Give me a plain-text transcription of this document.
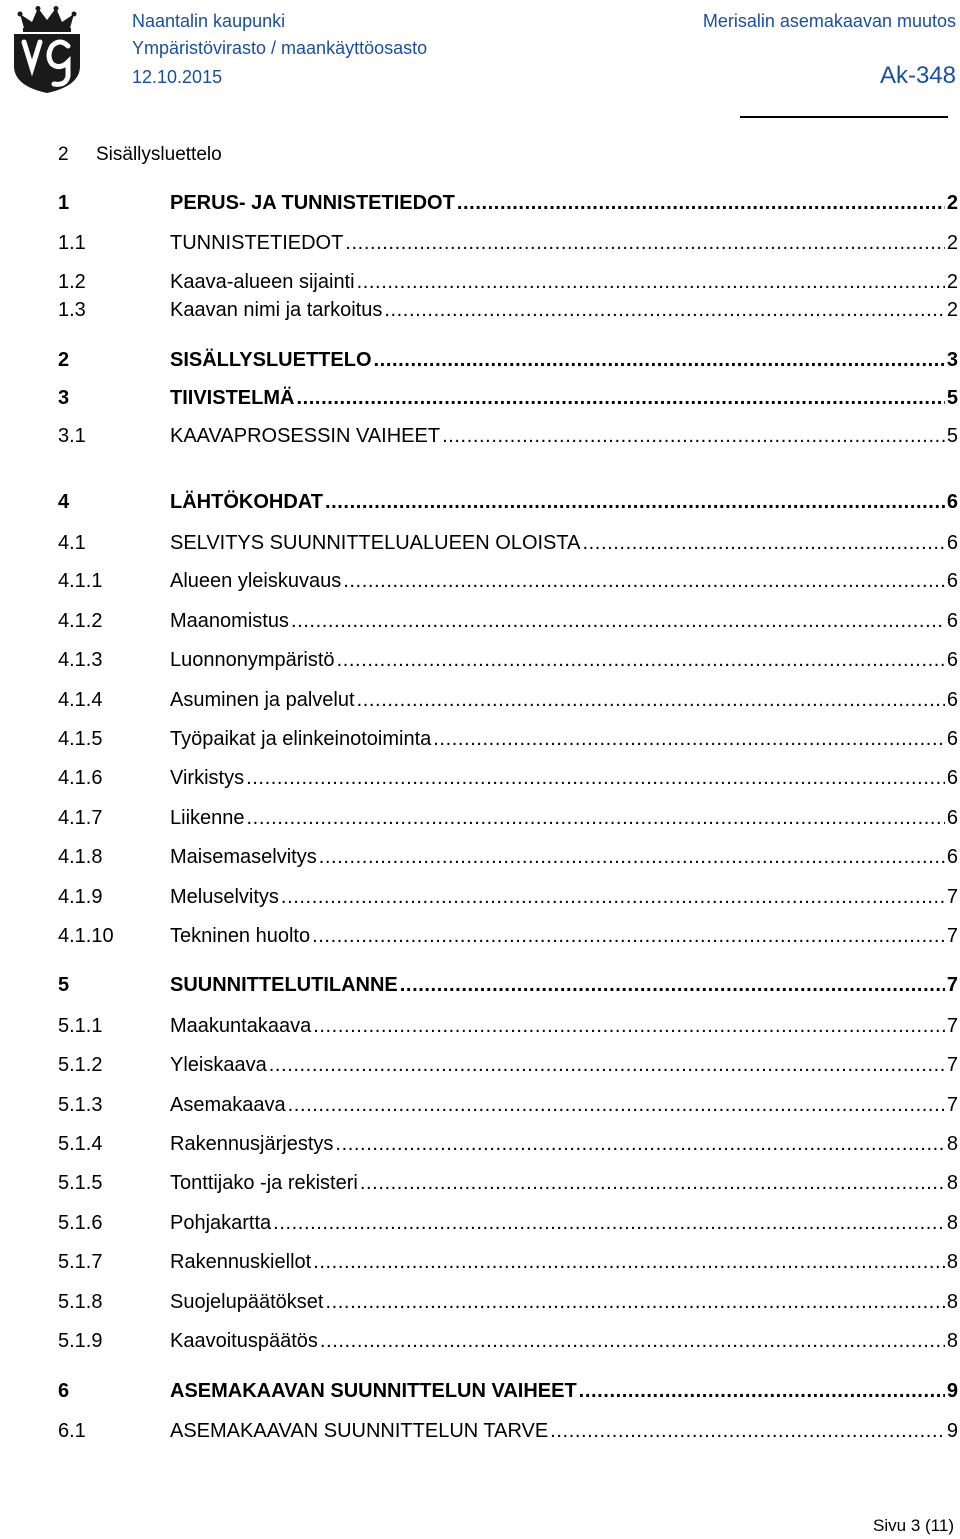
Naantalin kaupunki
Ympäristövirasto / maankäyttöosasto
12.10.2015
Merisalin asemakaavan muutos
Ak-348
2 Sisällysluettelo
1	PERUS- JA TUNNISTETIEDOT .....	2
1.1	TUNNISTETIEDOT .....	2
1.2	Kaava-alueen sijainti .....	2
1.3	Kaavan nimi ja tarkoitus .....	2
2	SISÄLLYSLUETTELO .....	3
3	TIIVISTELMÄ .....	5
3.1	KAAVAPROSESSIN VAIHEET .....	5
4	LÄHTÖKOHDAT .....	6
4.1	SELVITYS SUUNNITTELUALUEEN OLOISTA .....	6
4.1.1	Alueen yleiskuvaus .....	6
4.1.2	Maanomistus .....	6
4.1.3	Luonnonympäristö .....	6
4.1.4	Asuminen ja palvelut .....	6
4.1.5	Työpaikat ja elinkeinotoiminta .....	6
4.1.6	Virkistys .....	6
4.1.7	Liikenne .....	6
4.1.8	Maisemaselvitys .....	6
4.1.9	Meluselvitys .....	7
4.1.10	Tekninen huolto .....	7
5	SUUNNITTELUTILANNE .....	7
5.1.1	Maakuntakaava .....	7
5.1.2	Yleiskaava .....	7
5.1.3	Asemakaava .....	7
5.1.4	Rakennusjärjestys .....	8
5.1.5	Tonttijako -ja rekisteri .....	8
5.1.6	Pohjakartta .....	8
5.1.7	Rakennuskiellot .....	8
5.1.8	Suojelupäätökset .....	8
5.1.9	Kaavoituspäätös .....	8
6	ASEMAKAAVAN SUUNNITTELUN VAIHEET .....	9
6.1	ASEMAKAAVAN SUUNNITTELUN TARVE .....	9
Sivu 3 (11)
